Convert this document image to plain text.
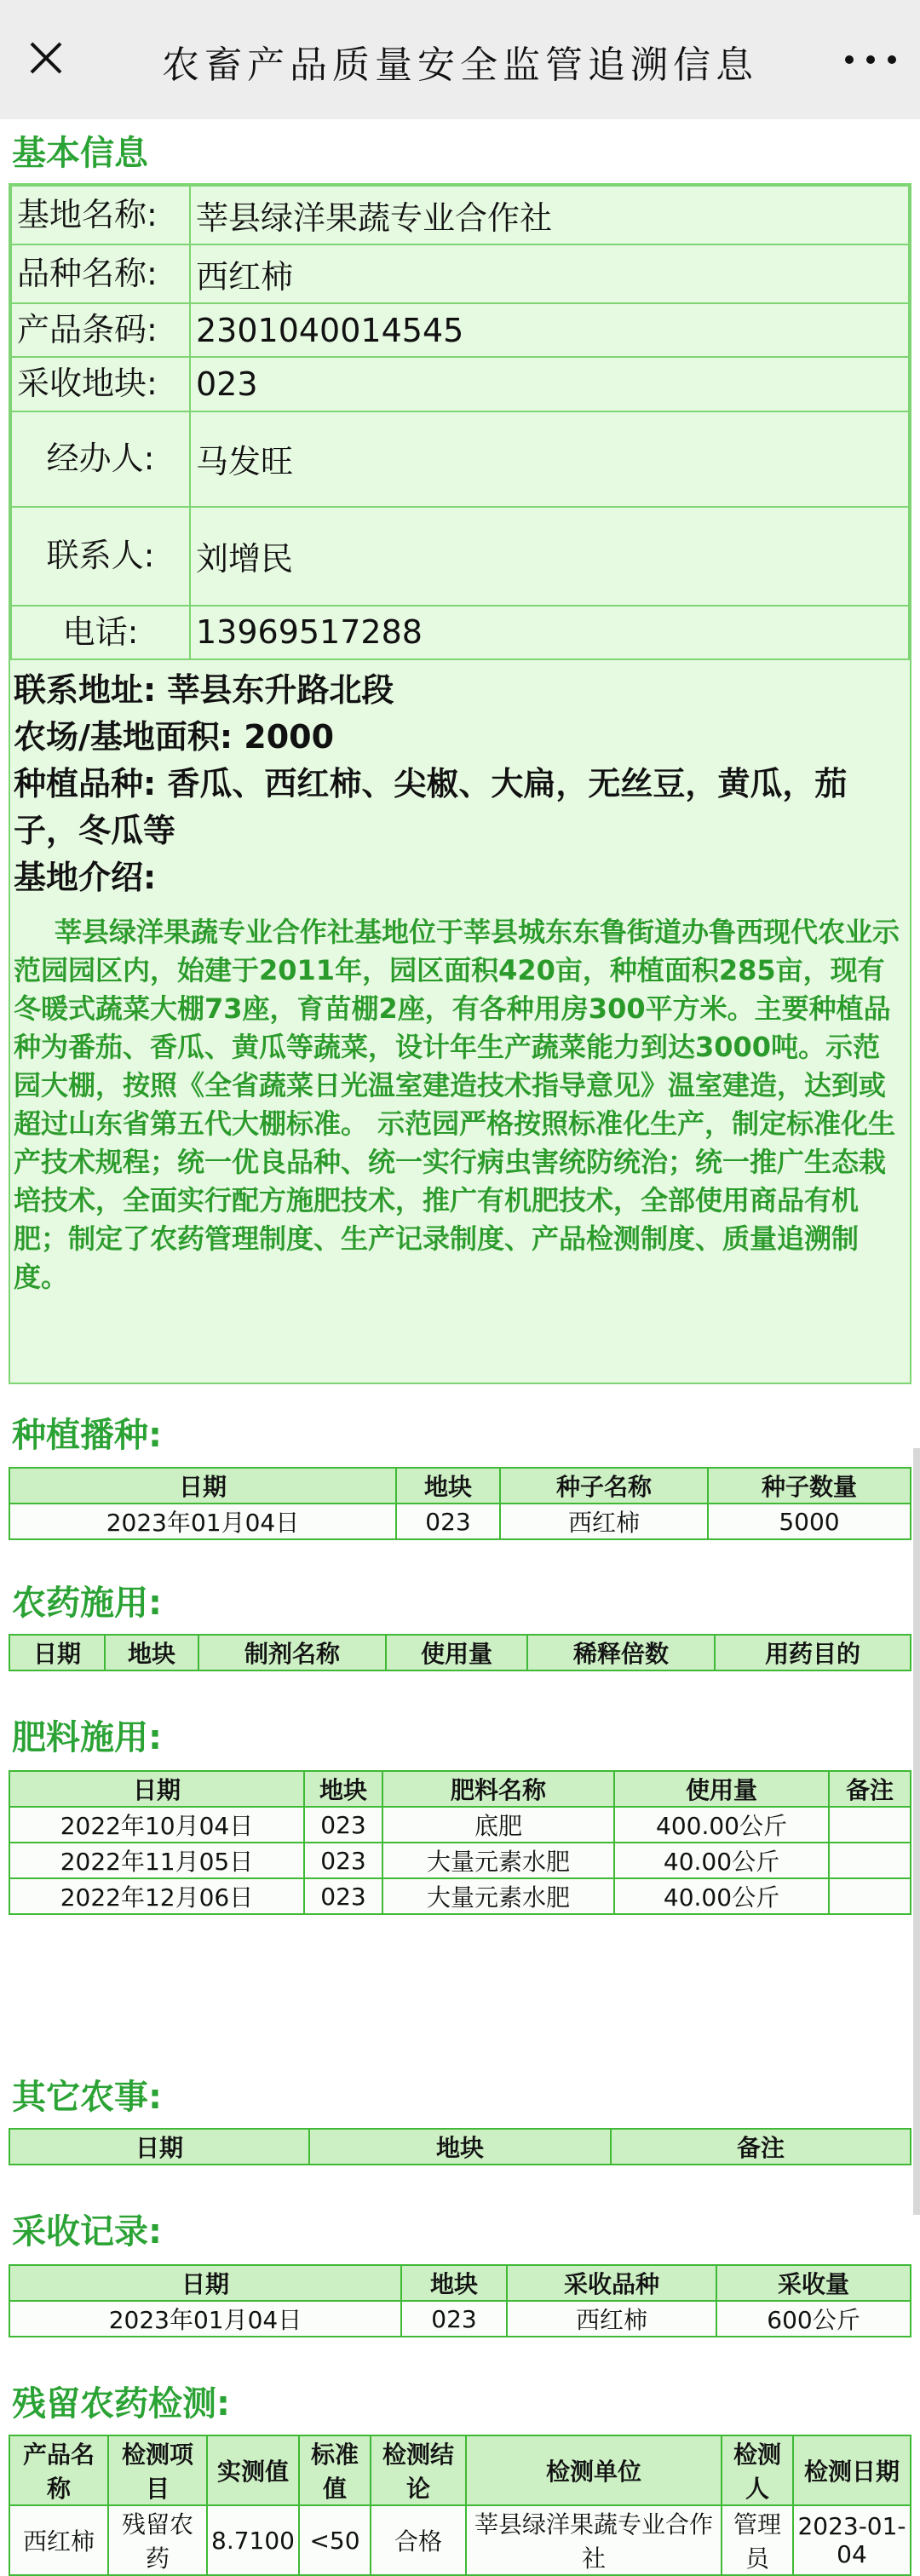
农畜产品质量安全监管追溯信息
基本信息
基地名称:	莘县绿洋果蔬专业合作社
品种名称:	西红柿
产品条码:	2301040014545
采收地块:	023
经办人:	马发旺
联系人:	刘增民
电话:	13969517288
联系地址: 莘县东升路北段
农场/基地面积: 2000
种植品种: 香瓜、西红柿、尖椒、大扁，无丝豆，黄瓜，茄子，冬瓜等
基地介绍:
莘县绿洋果蔬专业合作社基地位于莘县城东东鲁街道办鲁西现代农业示范园园区内，始建于2011年，园区面积420亩，种植面积285亩，现有冬暖式蔬菜大棚73座，育苗棚2座，有各种用房300平方米。主要种植品种为番茄、香瓜、黄瓜等蔬菜，设计年生产蔬菜能力到达3000吨。示范园大棚，按照《全省蔬菜日光温室建造技术指导意见》温室建造，达到或超过山东省第五代大棚标准。 示范园严格按照标准化生产，制定标准化生产技术规程；统一优良品种、统一实行病虫害统防统治；统一推广生态栽培技术，全面实行配方施肥技术，推广有机肥技术，全部使用商品有机肥；制定了农药管理制度、生产记录制度、产品检测制度、质量追溯制度。
种植播种:
日期	地块	种子名称	种子数量
2023年01月04日	023	西红柿	5000
农药施用:
日期	地块	制剂名称	使用量	稀释倍数	用药目的
肥料施用:
日期	地块	肥料名称	使用量	备注
2022年10月04日	023	底肥	400.00公斤	
2022年11月05日	023	大量元素水肥	40.00公斤	
2022年12月06日	023	大量元素水肥	40.00公斤	
其它农事:
日期	地块	备注
采收记录:
日期	地块	采收品种	采收量
2023年01月04日	023	西红柿	600公斤
残留农药检测:
产品名称	检测项目	实测值	标准值	检测结论	检测单位	检测人	检测日期
西红柿	残留农药	8.7100	<50	合格	莘县绿洋果蔬专业合作社	管理员	2023-01-04
